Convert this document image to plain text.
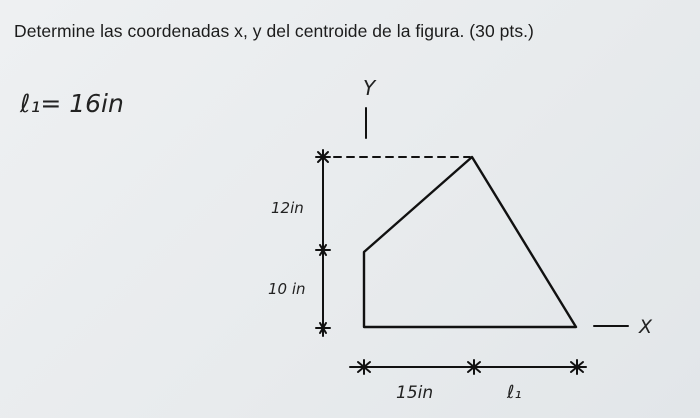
Determine las coordenadas x, y del centroide de la figura. (30 pts.)

ℓ₁= 16in
Y
X
12in
10 in
15in	ℓ₁
